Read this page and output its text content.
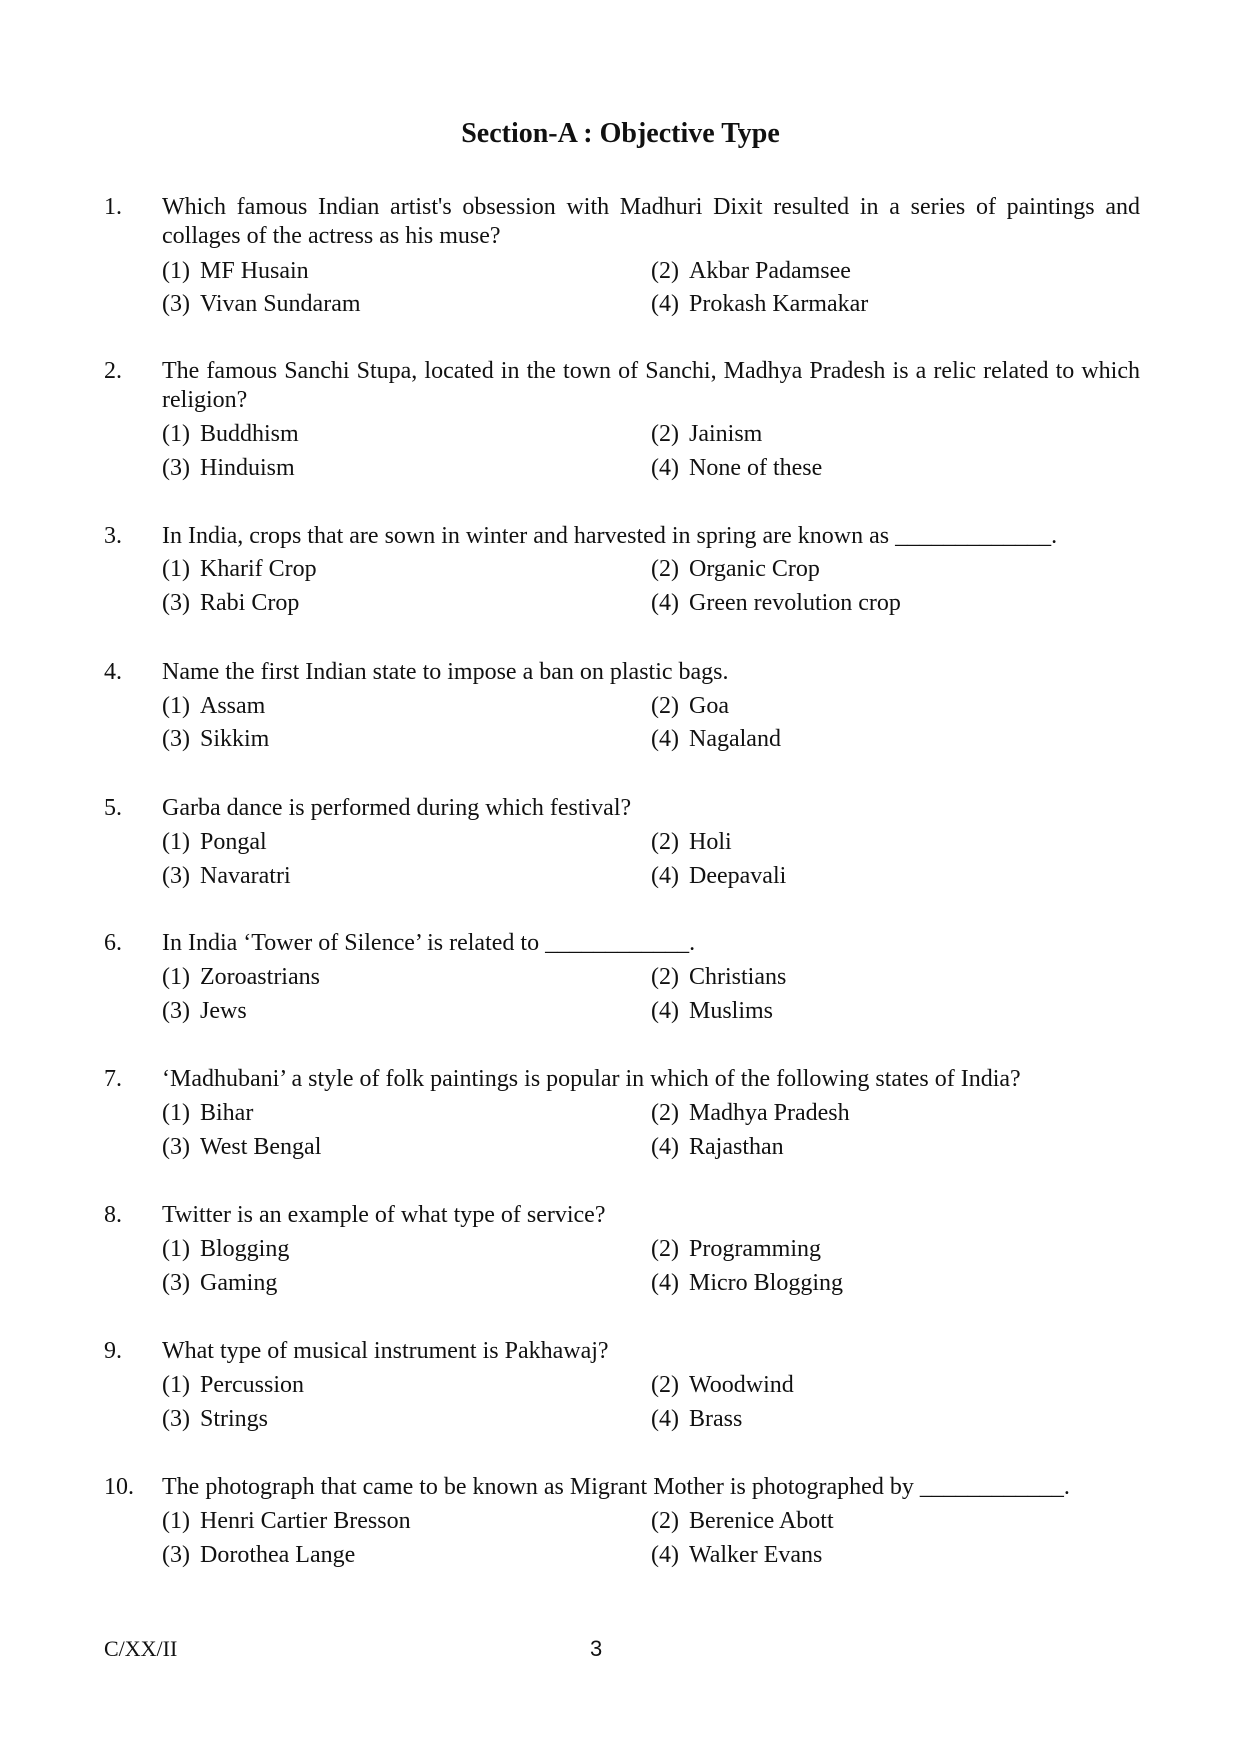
Section-A : Objective Type
1. Which famous Indian artist's obsession with Madhuri Dixit resulted in a series of paintings and collages of the actress as his muse?
(1) MF Husain	(2) Akbar Padamsee
(3) Vivan Sundaram	(4) Prokash Karmakar
2. The famous Sanchi Stupa, located in the town of Sanchi, Madhya Pradesh is a relic related to which religion?
(1) Buddhism	(2) Jainism
(3) Hinduism	(4) None of these
3. In India, crops that are sown in winter and harvested in spring are known as _____________.
(1) Kharif Crop	(2) Organic Crop
(3) Rabi Crop	(4) Green revolution crop
4. Name the first Indian state to impose a ban on plastic bags.
(1) Assam	(2) Goa
(3) Sikkim	(4) Nagaland
5. Garba dance is performed during which festival?
(1) Pongal	(2) Holi
(3) Navaratri	(4) Deepavali
6. In India ‘Tower of Silence’ is related to ____________.
(1) Zoroastrians	(2) Christians
(3) Jews	(4) Muslims
7. ‘Madhubani’ a style of folk paintings is popular in which of the following states of India?
(1) Bihar	(2) Madhya Pradesh
(3) West Bengal	(4) Rajasthan
8. Twitter is an example of what type of service?
(1) Blogging	(2) Programming
(3) Gaming	(4) Micro Blogging
9. What type of musical instrument is Pakhawaj?
(1) Percussion	(2) Woodwind
(3) Strings	(4) Brass
10. The photograph that came to be known as Migrant Mother is photographed by ____________.
(1) Henri Cartier Bresson	(2) Berenice Abott
(3) Dorothea Lange	(4) Walker Evans
C/XX/II	3
